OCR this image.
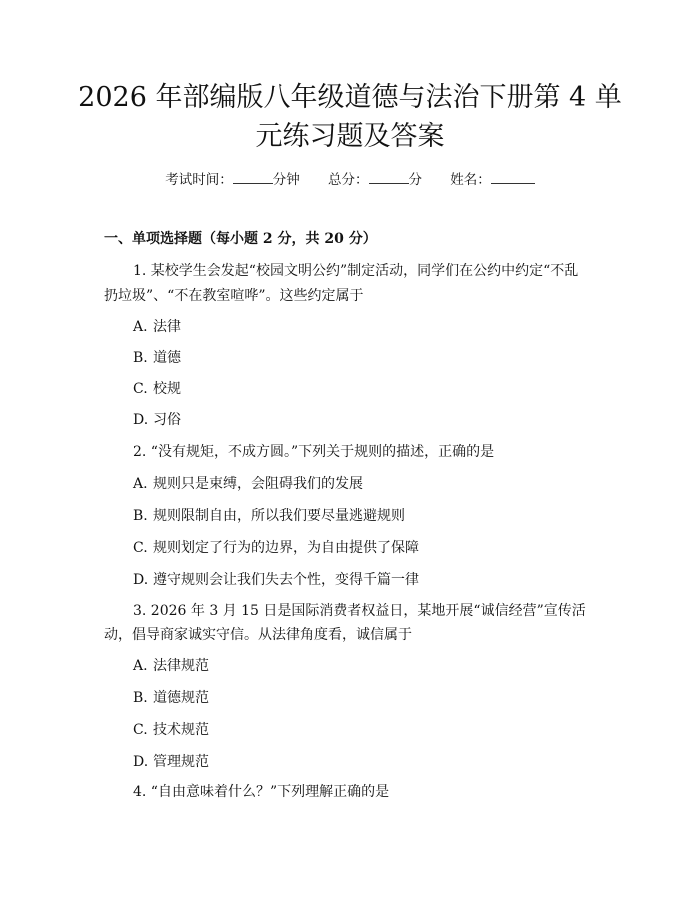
2026 年部编版八年级道德与法治下册第 4 单
元练习题及答案
考试时间：	分钟 总分：	分 姓名：
一、单项选择题（每小题 2 分，共 20 分）
1. 某校学生会发起“校园文明公约”制定活动，同学们在公约中约定“不乱
扔垃圾”、“不在教室喧哗”。这些约定属于
A. 法律
B. 道德
C. 校规
D. 习俗
2. “没有规矩，不成方圆。”下列关于规则的描述，正确的是
A. 规则只是束缚，会阻碍我们的发展
B. 规则限制自由，所以我们要尽量逃避规则
C. 规则划定了行为的边界，为自由提供了保障
D. 遵守规则会让我们失去个性，变得千篇一律
3. 2026 年 3 月 15 日是国际消费者权益日，某地开展“诚信经营”宣传活
动，倡导商家诚实守信。从法律角度看，诚信属于
A. 法律规范
B. 道德规范
C. 技术规范
D. 管理规范
4. “自由意味着什么？”下列理解正确的是
